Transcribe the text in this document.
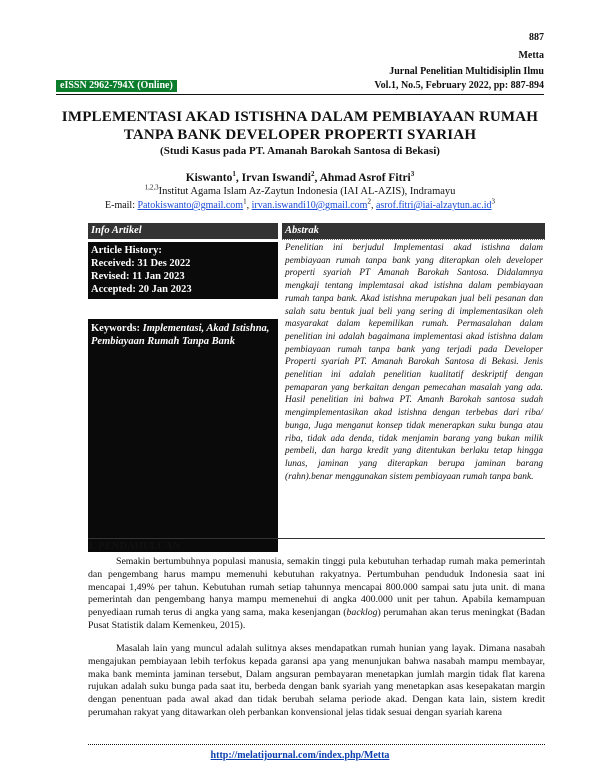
887
Metta
Jurnal Penelitian Multidisiplin Ilmu
eISSN 2962-794X (Online)	Vol.1, No.5, February 2022, pp: 887-894
IMPLEMENTASI AKAD ISTISHNA DALAM PEMBIAYAAN RUMAH
TANPA BANK DEVELOPER PROPERTI SYARIAH
(Studi Kasus pada PT. Amanah Barokah Santosa di Bekasi)
Kiswanto$^1$, Irvan Iswandi$^2$, Ahmad Asrof Fitri$^3$
$^{1,2,3}$Institut Agama Islam Az-Zaytun Indonesia (IAI AL-AZIS), Indramayu
E-mail: Patokiswanto@gmail.com$^1$, irvan.iswandi10@gmail.com$^2$, $asrof.fitri@iai-alzaytun.ac.id^3$
Info Artikel
Article History:
Received: 31 Des 2022
Revised: 11 Jan 2023
Accepted: 20 Jan 2023
Keywords: Implementasi, Akad Istishna, Pembiayaan Rumah Tanpa Bank
Abstrak
Penelitian ini berjudul Implementasi akad istishna dalam pembiayaan rumah tanpa bank yang diterapkan oleh developer properti syariah PT Amanah Barokah Santosa. Didalamnya mengkaji tentang implemtasai akad istishna dalam pembiayaan rumah tanpa bank. Akad istishna merupakan jual beli pesanan dan salah satu bentuk jual beli yang sering di implementasikan oleh masyarakat dalam kepemilikan rumah. Permasalahan dalam penelitian ini adalah bagaimana implementasi akad istishna dalam pembiayaan rumah tanpa bank yang terjadi pada Developer Properti syariah PT. Amanah Barokah Santosa di Bekasi. Jenis penelitian ini adalah penelitian kualitatif deskriptif dengan pemaparan yang berkaitan dengan pemecahan masalah yang ada. Hasil penelitian ini bahwa PT. Amanh Barokah santosa sudah mengimplementasikan akad istishna dengan terbebas dari riba/ bunga, Juga menganut konsep tidak menerapkan suku bunga atau riba, tidak ada denda, tidak menjamin barang yang bukan milik pembeli, dan harga kredit yang ditentukan berlaku tetap hingga lunas, jaminan yang diterapkan berupa jaminan barang (rahn).benar menggunakan sistem pembiayaan rumah tanpa bank.
1. PENDAHULUAN
Semakin bertumbuhnya populasi manusia, semakin tinggi pula kebutuhan terhadap rumah maka pemerintah dan pengembang harus mampu memenuhi kebutuhan rakyatnya. Pertumbuhan penduduk Indonesia saat ini mencapai 1,49% per tahun. Kebutuhan rumah setiap tahunnya mencapai 800.000 sampai satu juta unit. di mana pemerintah dan pengembang hanya mampu memenehui di angka 400.000 unit per tahun. Apabila kemampuan penyediaan rumah terus di angka yang sama, maka kesenjangan (backlog) perumahan akan terus meningkat (Badan Pusat Statistik dalam Kemenkeu, 2015).
Masalah lain yang muncul adalah sulitnya akses mendapatkan rumah hunian yang layak. Dimana nasabah mengajukan pembiayaan lebih terfokus kepada garansi apa yang menunjukan bahwa nasabah mampu membayar, maka bank meminta jaminan tersebut, Dalam angsuran pembayaran menetapkan jumlah margin tidak flat karena rujukan adalah suku bunga pada saat itu, berbeda dengan bank syariah yang menetapkan asas kesepakatan margin dengan penentuan pada awal akad dan tidak berubah selama periode akad. Dengan kata lain, sistem kredit perumahan rakyat yang ditawarkan oleh perbankan konvensional jelas tidak sesuai dengan syariah karena
http://melatijournal.com/index.php/Metta
